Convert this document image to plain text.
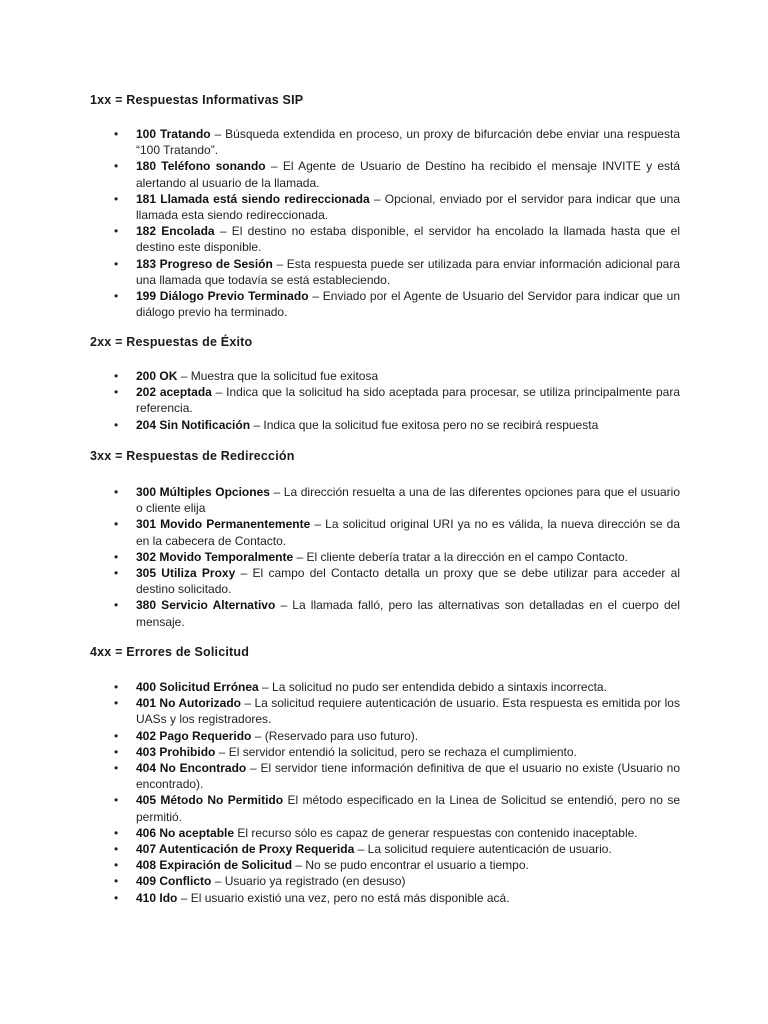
1xx = Respuestas Informativas SIP
• 100 Tratando – Búsqueda extendida en proceso, un proxy de bifurcación debe enviar una respuesta “100 Tratando”.
• 180 Teléfono sonando – El Agente de Usuario de Destino ha recibido el mensaje INVITE y está alertando al usuario de la llamada.
• 181 Llamada está siendo redireccionada – Opcional, enviado por el servidor para indicar que una llamada esta siendo redireccionada.
• 182 Encolada – El destino no estaba disponible, el servidor ha encolado la llamada hasta que el destino este disponible.
• 183 Progreso de Sesión – Esta respuesta puede ser utilizada para enviar información adicional para una llamada que todavía se está estableciendo.
• 199 Diálogo Previo Terminado – Enviado por el Agente de Usuario del Servidor para indicar que un diálogo previo ha terminado.
2xx = Respuestas de Éxito
• 200 OK – Muestra que la solicitud fue exitosa
• 202 aceptada – Indica que la solicitud ha sido aceptada para procesar, se utiliza principalmente para referencia.
• 204 Sin Notificación – Indica que la solicitud fue exitosa pero no se recibirá respuesta
3xx = Respuestas de Redirección
• 300 Múltiples Opciones – La dirección resuelta a una de las diferentes opciones para que el usuario o cliente elija
• 301 Movido Permanentemente – La solicitud original URI ya no es válida, la nueva dirección se da en la cabecera de Contacto.
• 302 Movido Temporalmente – El cliente debería tratar a la dirección en el campo Contacto.
• 305 Utiliza Proxy – El campo del Contacto detalla un proxy que se debe utilizar para acceder al destino solicitado.
• 380 Servicio Alternativo – La llamada falló, pero las alternativas son detalladas en el cuerpo del mensaje.
4xx = Errores de Solicitud
• 400 Solicitud Errónea – La solicitud no pudo ser entendida debido a sintaxis incorrecta.
• 401 No Autorizado – La solicitud requiere autenticación de usuario. Esta respuesta es emitida por los UASs y los registradores.
• 402 Pago Requerido – (Reservado para uso futuro).
• 403 Prohibido – El servidor entendió la solicitud, pero se rechaza el cumplimiento.
• 404 No Encontrado – El servidor tiene información definitiva de que el usuario no existe (Usuario no encontrado).
• 405 Método No Permitido El método especificado en la Linea de Solicitud se entendió, pero no se permitió.
• 406 No aceptable El recurso sólo es capaz de generar respuestas con contenido inaceptable.
• 407 Autenticación de Proxy Requerida – La solicitud requiere autenticación de usuario.
• 408 Expiración de Solicitud – No se pudo encontrar el usuario a tiempo.
• 409 Conflicto – Usuario ya registrado (en desuso)
• 410 Ido – El usuario existió una vez, pero no está más disponible acá.
